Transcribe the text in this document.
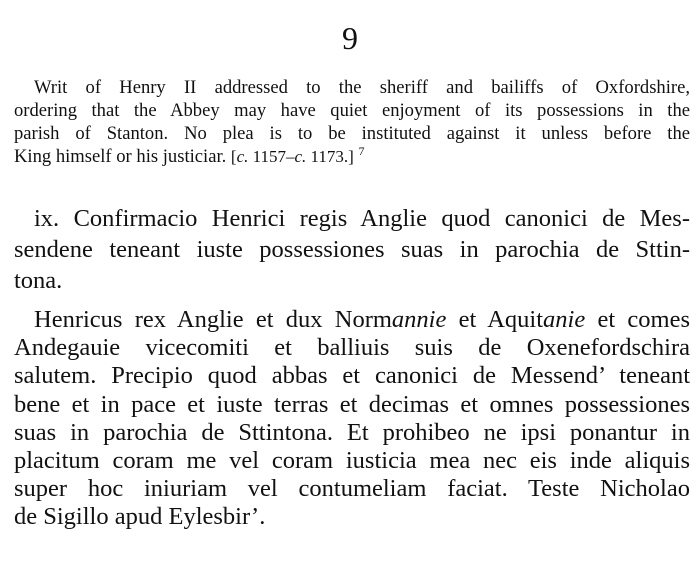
9
Writ of Henry II addressed to the sheriff and bailiffs of Oxfordshire,
ordering that the Abbey may have quiet enjoyment of its possessions in the
parish of Stanton. No plea is to be instituted against it unless before the
King himself or his justiciar. [c. 1157–c. 1173.] $^7$
ix. Confirmacio Henrici regis Anglie quod canonici de Mes-
sendene teneant iuste possessiones suas in parochia de Sttin-
tona.
Henricus rex Anglie et dux Normannie et Aquitanie et comes
Andegauie vicecomiti et balliuis suis de Oxenefordschira
salutem. Precipio quod abbas et canonici de Messend’ teneant
bene et in pace et iuste terras et decimas et omnes possessiones
suas in parochia de Sttintona. Et prohibeo ne ipsi ponantur in
placitum coram me vel coram iusticia mea nec eis inde aliquis
super hoc iniuriam vel contumeliam faciat. Teste Nicholao
de Sigillo apud Eylesbir’.
